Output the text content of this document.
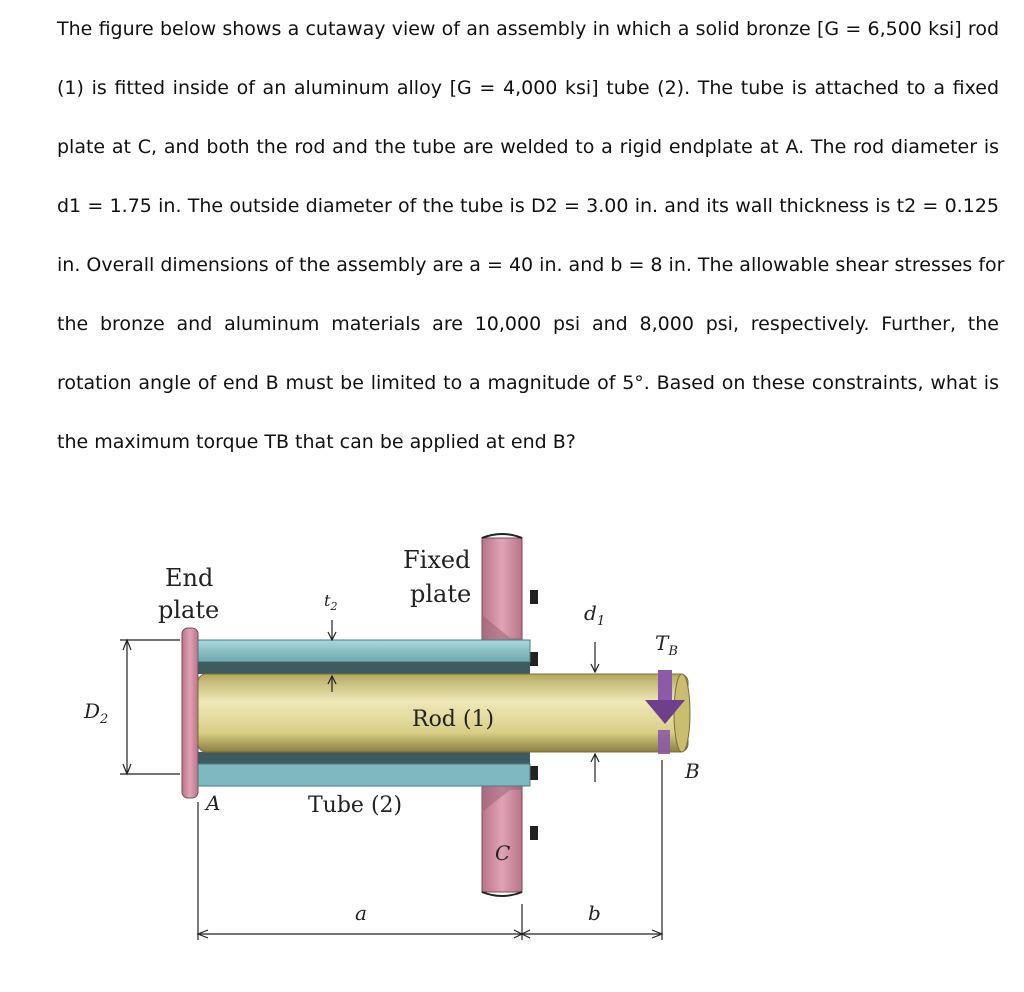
The figure below shows a cutaway view of an assembly in which a solid bronze [G = 6,500 ksi] rod

(1) is fitted inside of an aluminum alloy [G = 4,000 ksi] tube (2). The tube is attached to a fixed

plate at C, and both the rod and the tube are welded to a rigid endplate at A. The rod diameter is

d1 = 1.75 in. The outside diameter of the tube is D2 = 3.00 in. and its wall thickness is t2 = 0.125

in. Overall dimensions of the assembly are a = 40 in. and b = 8 in. The allowable shear stresses for

the bronze and aluminum materials are 10,000 psi and 8,000 psi, respectively. Further, the

rotation angle of end B must be limited to a magnitude of 5°. Based on these constraints, what is

the maximum torque TB that can be applied at end B?

End
plate
Fixed
plate
$t_2$	$d_1$
$T_B$
$D_2$	Rod (1)
Tube (2)
A
B
C
a	b
